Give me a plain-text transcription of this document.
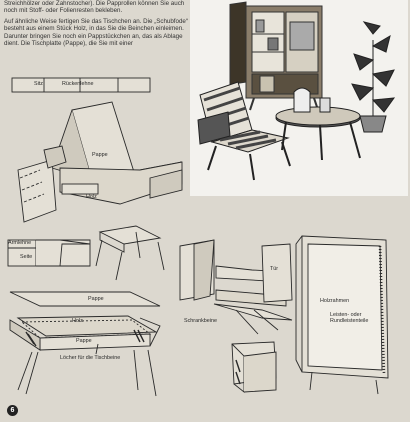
Streichhölzer oder Zahnstocher). Die Papprollen können Sie auch noch mit Stoff- oder Folienresten bekleben.

Auf ähnliche Weise fertigen Sie das Tischchen an. Die „Schubfode“ besteht aus einem Stück Holz, in das Sie die Beinchen einleimen. Darunter bringen Sie noch ein Pappstückchen an, das als Ablage dient. Die Tischplatte (Pappe), die Sie mit einer

Sitz	Rückenlehne
Pappe
Holz
Armlehne
Seite
Pappe
Holz
Pappe
Löcher für die Tischbeine
Tür
Schrankbeine
Holzrahmen
Leisten- oder Rundleistenteile
6
